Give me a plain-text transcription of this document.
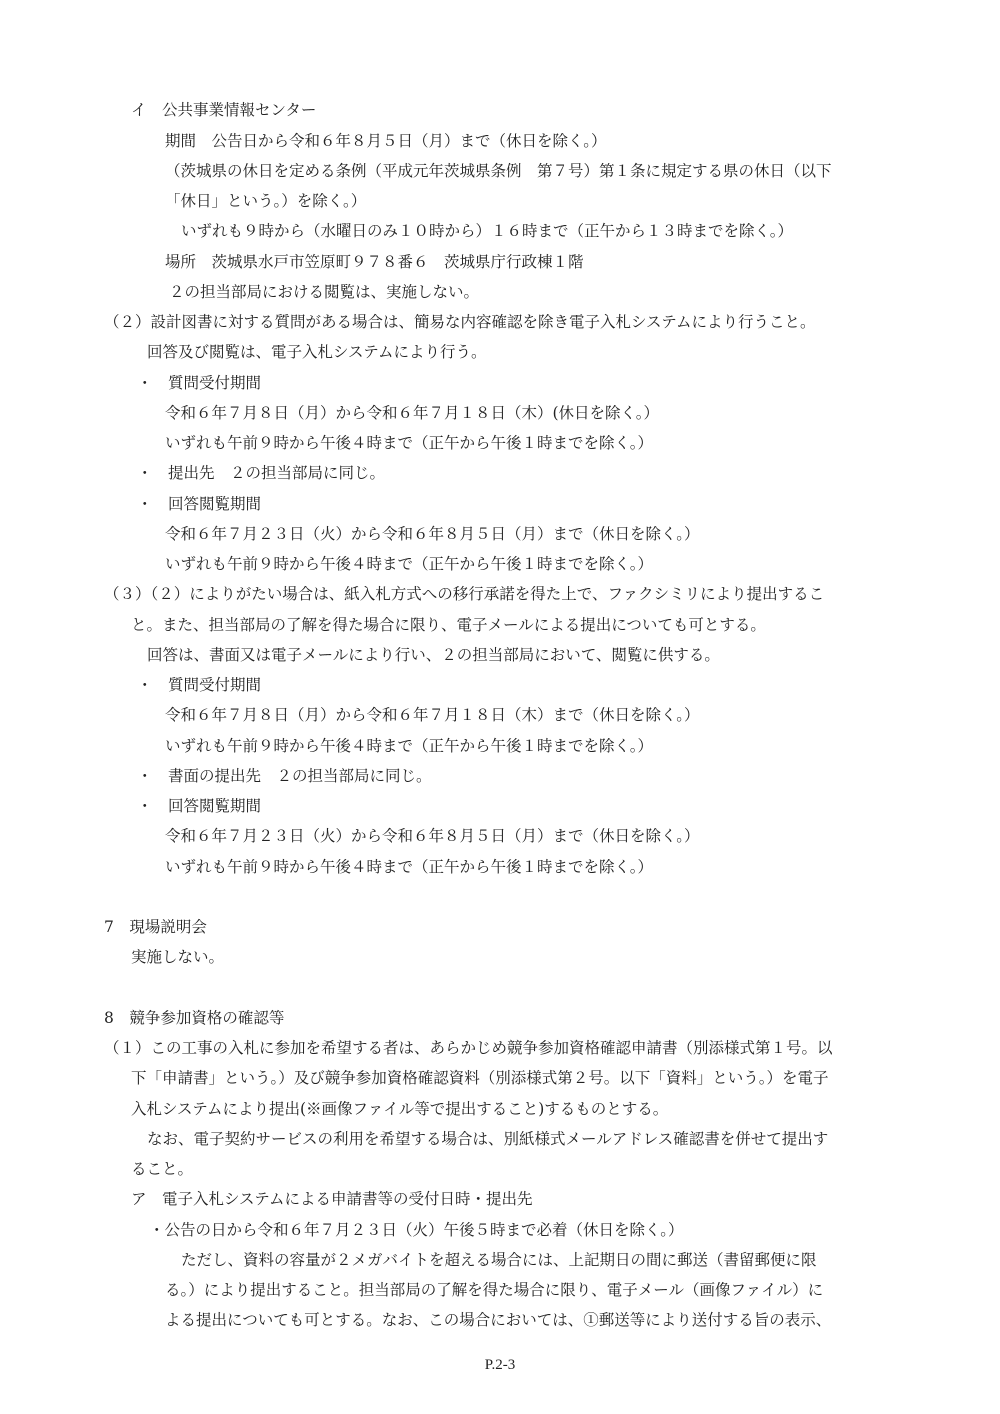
イ　公共事業情報センター
期間　公告日から令和６年８月５日（月）まで（休日を除く。）
（茨城県の休日を定める条例（平成元年茨城県条例　第７号）第１条に規定する県の休日（以下
「休日」という。）を除く。）
いずれも９時から（水曜日のみ１０時から）１６時まで（正午から１３時までを除く。）
場所　茨城県水戸市笠原町９７８番６　茨城県庁行政棟１階
２の担当部局における閲覧は、実施しない。
（２）設計図書に対する質問がある場合は、簡易な内容確認を除き電子入札システムにより行うこと。
回答及び閲覧は、電子入札システムにより行う。
・　質問受付期間
令和６年７月８日（月）から令和６年７月１８日（木）(休日を除く。）
いずれも午前９時から午後４時まで（正午から午後１時までを除く。）
・　提出先　２の担当部局に同じ。
・　回答閲覧期間
令和６年７月２３日（火）から令和６年８月５日（月）まで（休日を除く。）
いずれも午前９時から午後４時まで（正午から午後１時までを除く。）
（３）（２）によりがたい場合は、紙入札方式への移行承諾を得た上で、ファクシミリにより提出するこ
と。また、担当部局の了解を得た場合に限り、電子メールによる提出についても可とする。
回答は、書面又は電子メールにより行い、２の担当部局において、閲覧に供する。
・　質問受付期間
令和６年７月８日（月）から令和６年７月１８日（木）まで（休日を除く。）
いずれも午前９時から午後４時まで（正午から午後１時までを除く。）
・　書面の提出先　２の担当部局に同じ。
・　回答閲覧期間
令和６年７月２３日（火）から令和６年８月５日（月）まで（休日を除く。）
いずれも午前９時から午後４時まで（正午から午後１時までを除く。）
7　現場説明会
実施しない。
8　競争参加資格の確認等
（１）この工事の入札に参加を希望する者は、あらかじめ競争参加資格確認申請書（別添様式第１号。以
下「申請書」という。）及び競争参加資格確認資料（別添様式第２号。以下「資料」という。）を電子
入札システムにより提出(※画像ファイル等で提出すること)するものとする。
なお、電子契約サービスの利用を希望する場合は、別紙様式メールアドレス確認書を併せて提出す
ること。
ア　電子入札システムによる申請書等の受付日時・提出先
・公告の日から令和６年７月２３日（火）午後５時まで必着（休日を除く。）
ただし、資料の容量が２メガバイトを超える場合には、上記期日の間に郵送（書留郵便に限
る。）により提出すること。担当部局の了解を得た場合に限り、電子メール（画像ファイル）に
よる提出についても可とする。なお、この場合においては、①郵送等により送付する旨の表示、
P.2-3
